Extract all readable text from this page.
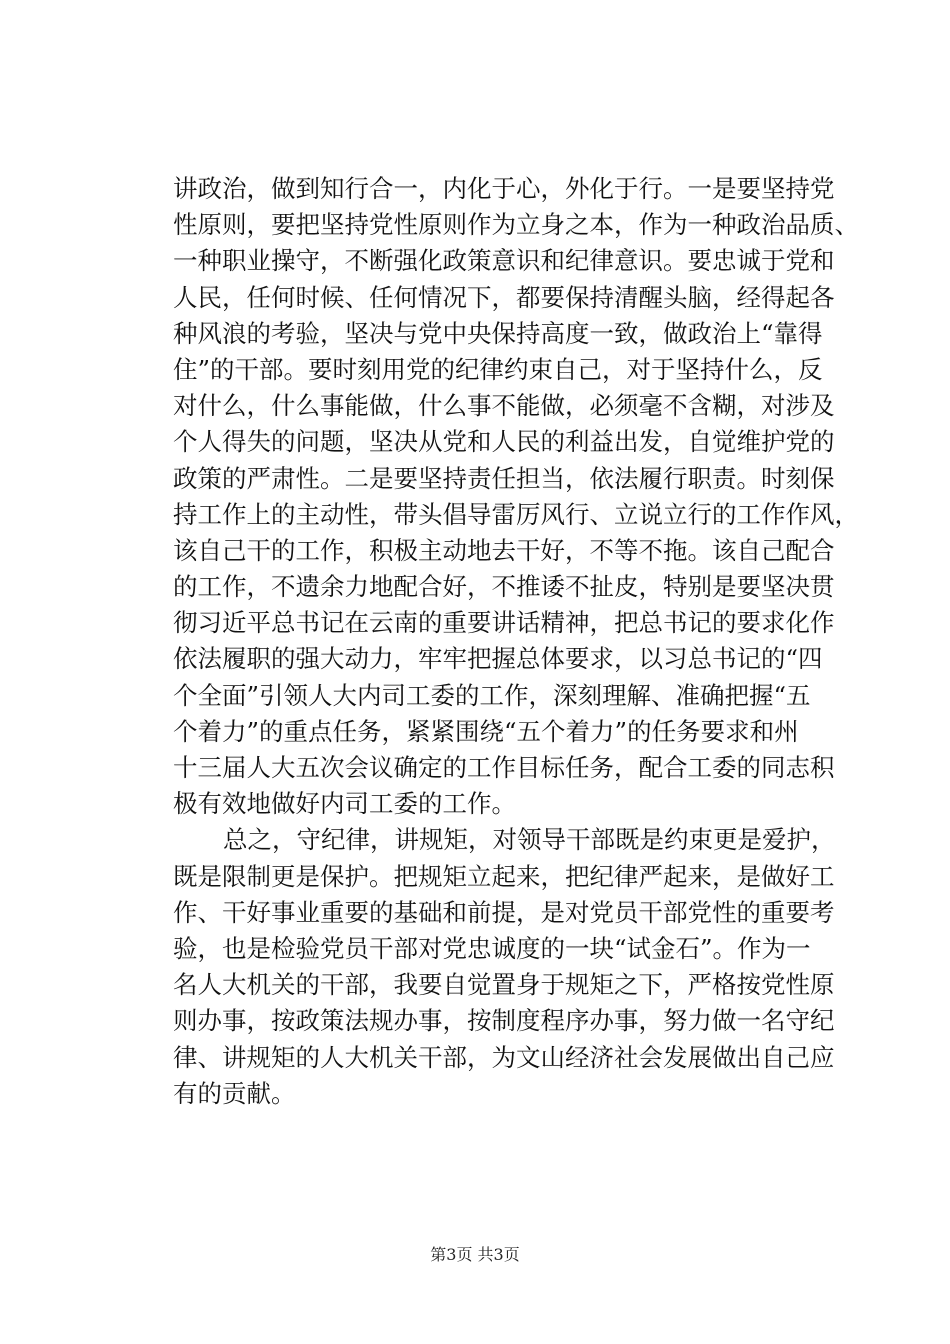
讲政治，做到知行合一，内化于心，外化于行。一是要坚持党
性原则，要把坚持党性原则作为立身之本，作为一种政治品质、
一种职业操守，不断强化政策意识和纪律意识。要忠诚于党和
人民，任何时候、任何情况下，都要保持清醒头脑，经得起各
种风浪的考验，坚决与党中央保持高度一致，做政治上“靠得
住”的干部。要时刻用党的纪律约束自己，对于坚持什么，反
对什么，什么事能做，什么事不能做，必须毫不含糊，对涉及
个人得失的问题，坚决从党和人民的利益出发，自觉维护党的
政策的严肃性。二是要坚持责任担当，依法履行职责。时刻保
持工作上的主动性，带头倡导雷厉风行、立说立行的工作作风，
该自己干的工作，积极主动地去干好，不等不拖。该自己配合
的工作，不遗余力地配合好，不推诿不扯皮，特别是要坚决贯
彻习近平总书记在云南的重要讲话精神，把总书记的要求化作
依法履职的强大动力，牢牢把握总体要求，以习总书记的“四
个全面”引领人大内司工委的工作，深刻理解、准确把握“五
个着力”的重点任务，紧紧围绕“五个着力”的任务要求和州
十三届人大五次会议确定的工作目标任务，配合工委的同志积
极有效地做好内司工委的工作。
总之，守纪律，讲规矩，对领导干部既是约束更是爱护，
既是限制更是保护。把规矩立起来，把纪律严起来，是做好工
作、干好事业重要的基础和前提，是对党员干部党性的重要考
验，也是检验党员干部对党忠诚度的一块“试金石”。作为一
名人大机关的干部，我要自觉置身于规矩之下，严格按党性原
则办事，按政策法规办事，按制度程序办事，努力做一名守纪
律、讲规矩的人大机关干部，为文山经济社会发展做出自己应
有的贡献。
第3页 共3页
